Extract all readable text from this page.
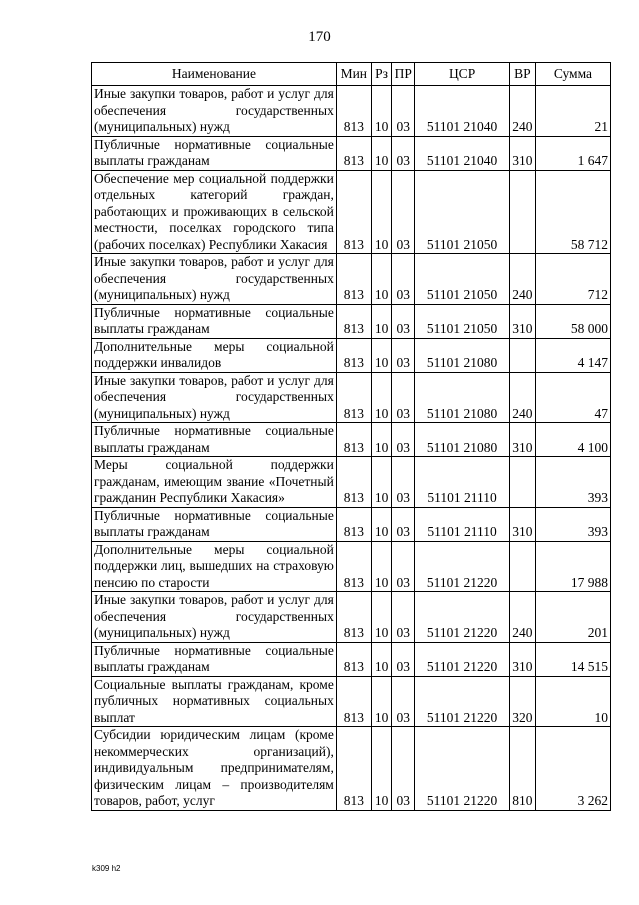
170
Наименование	Мин	Рз	ПР	ЦСР	ВР	Сумма
Иные закупки товаров, работ и услуг для обеспечения государственных (муниципальных) нужд	813	10	03	51101 21040	240	21
Публичные нормативные социальные выплаты гражданам	813	10	03	51101 21040	310	1 647
Обеспечение мер социальной поддержки отдельных категорий граждан, работающих и проживающих в сельской местности, поселках городского типа (рабочих поселках) Республики Хакасия	813	10	03	51101 21050		58 712
Иные закупки товаров, работ и услуг для обеспечения государственных (муниципальных) нужд	813	10	03	51101 21050	240	712
Публичные нормативные социальные выплаты гражданам	813	10	03	51101 21050	310	58 000
Дополнительные меры социальной поддержки инвалидов	813	10	03	51101 21080		4 147
Иные закупки товаров, работ и услуг для обеспечения государственных (муниципальных) нужд	813	10	03	51101 21080	240	47
Публичные нормативные социальные выплаты гражданам	813	10	03	51101 21080	310	4 100
Меры социальной поддержки гражданам, имеющим звание «Почетный гражданин Республики Хакасия»	813	10	03	51101 21110		393
Публичные нормативные социальные выплаты гражданам	813	10	03	51101 21110	310	393
Дополнительные меры социальной поддержки лиц, вышедших на страховую пенсию по старости	813	10	03	51101 21220		17 988
Иные закупки товаров, работ и услуг для обеспечения государственных (муниципальных) нужд	813	10	03	51101 21220	240	201
Публичные нормативные социальные выплаты гражданам	813	10	03	51101 21220	310	14 515
Социальные выплаты гражданам, кроме публичных нормативных социальных выплат	813	10	03	51101 21220	320	10
Субсидии юридическим лицам (кроме некоммерческих организаций), индивидуальным предпринимателям, физическим лицам – производителям товаров, работ, услуг	813	10	03	51101 21220	810	3 262
k309 h2
